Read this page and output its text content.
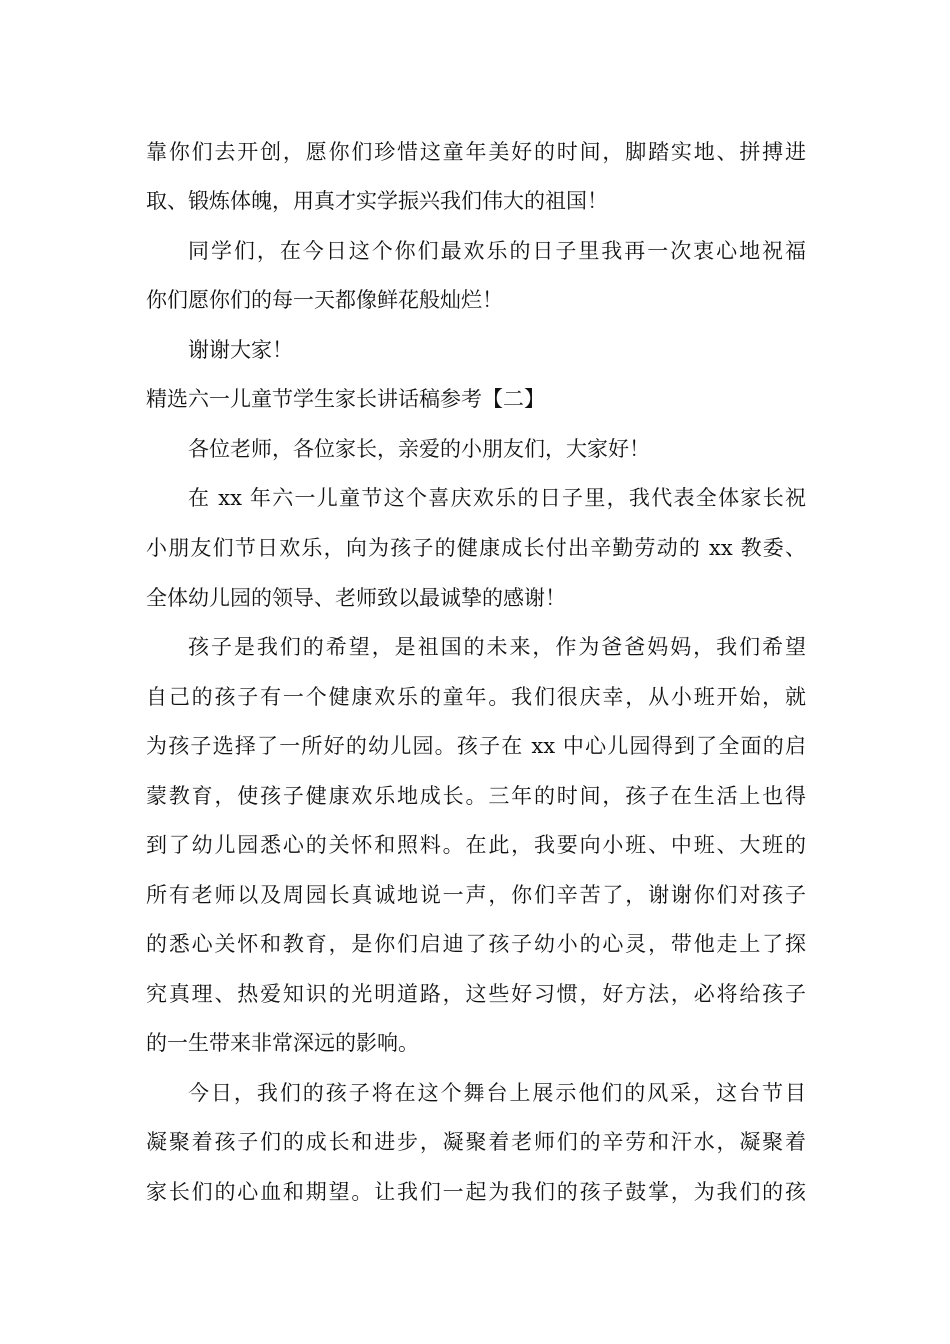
靠你们去开创，愿你们珍惜这童年美好的时间，脚踏实地、拼搏进
取、锻炼体魄，用真才实学振兴我们伟大的祖国！
同学们，在今日这个你们最欢乐的日子里我再一次衷心地祝福
你们愿你们的每一天都像鲜花般灿烂！
谢谢大家！
精选六一儿童节学生家长讲话稿参考【二】
各位老师，各位家长，亲爱的小朋友们，大家好！
在 xx 年六一儿童节这个喜庆欢乐的日子里，我代表全体家长祝
小朋友们节日欢乐，向为孩子的健康成长付出辛勤劳动的 xx 教委、
全体幼儿园的领导、老师致以最诚挚的感谢！
孩子是我们的希望，是祖国的未来，作为爸爸妈妈，我们希望
自己的孩子有一个健康欢乐的童年。我们很庆幸，从小班开始，就
为孩子选择了一所好的幼儿园。孩子在 xx 中心儿园得到了全面的启
蒙教育，使孩子健康欢乐地成长。三年的时间，孩子在生活上也得
到了幼儿园悉心的关怀和照料。在此，我要向小班、中班、大班的
所有老师以及周园长真诚地说一声，你们辛苦了，谢谢你们对孩子
的悉心关怀和教育，是你们启迪了孩子幼小的心灵，带他走上了探
究真理、热爱知识的光明道路，这些好习惯，好方法，必将给孩子
的一生带来非常深远的影响。
今日，我们的孩子将在这个舞台上展示他们的风采，这台节目
凝聚着孩子们的成长和进步，凝聚着老师们的辛劳和汗水，凝聚着
家长们的心血和期望。让我们一起为我们的孩子鼓掌，为我们的孩
